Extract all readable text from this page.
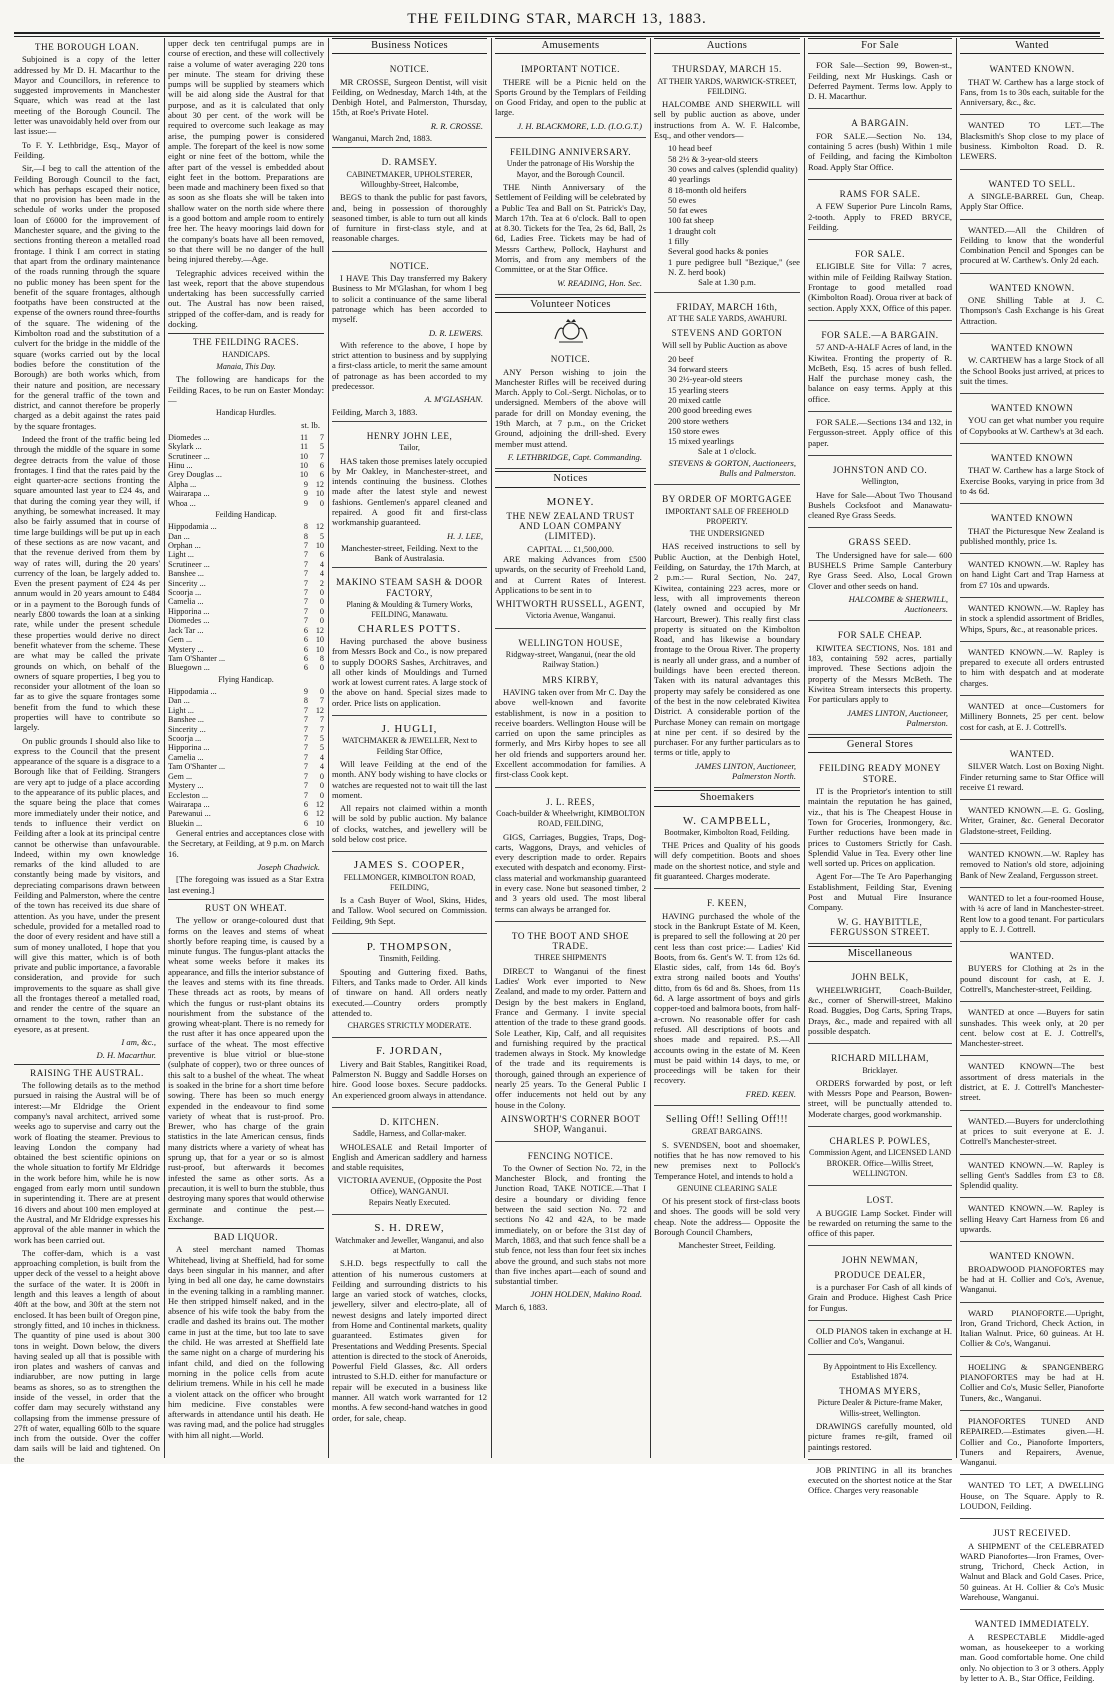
THE FEILDING STAR, MARCH 13, 1883.
THE BOROUGH LOAN.

Subjoined is a copy of the letter addressed by Mr D. H. Macarthur to the Mayor and Councillors, in reference to suggested improvements in Manchester Square, which was read at the last meeting of the Borough Council. The letter was unavoidably held over from our last issue:—

To F. Y. Lethbridge, Esq., Mayor of Feilding.

Sir,—I beg to call the attention of the Feilding Borough Council to the fact, which has perhaps escaped their notice, that no provision has been made in the schedule of works under the proposed loan of £6000 for the improvement of Manchester square, and the giving to the sections fronting thereon a metalled road frontage. I think I am correct in stating that apart from the ordinary maintenance of the roads running through the square no public money has been spent for the benefit of the square frontages, although footpaths have been constructed at the expense of the owners round three-fourths of the square. The widening of the Kimbolton road and the substitution of a culvert for the bridge in the middle of the square (works carried out by the local bodies before the constitution of the Borough) are both works which, from their nature and position, are necessary for the general traffic of the town and district, and cannot therefore be properly charged as a debit against the rates paid by the square frontages.

Indeed the front of the traffic being led through the middle of the square in some degree detracts from the value of those frontages. I find that the rates paid by the eight quarter-acre sections fronting the square amounted last year to £24 4s, and that during the coming year they will, if anything, be somewhat increased. It may also be fairly assumed that in course of time large buildings will be put up in each of these sections as are now vacant, and that the revenue derived from them by way of rates will, during the 20 years' currency of the loan, be largely added to. Even the present payment of £24 4s per annum would in 20 years amount to £484 or in a payment to the Borough funds of nearly £800 towards the loan at a sinking rate, while under the present schedule these properties would derive no direct benefit whatever from the scheme. These are what may be called the private grounds on which, on behalf of the owners of square properties, I beg you to reconsider your allotment of the loan so far as to give the square frontages some benefit from the fund to which these properties will have to contribute so largely.

On public grounds I should also like to express to the Council that the present appearance of the square is a disgrace to a Borough like that of Feilding. Strangers are very apt to judge of a place according to the appearance of its public places, and the square being the place that comes more immediately under their notice, and tends to influence their verdict on Feilding after a look at its principal centre cannot be otherwise than unfavourable. Indeed, within my own knowledge remarks of the kind alluded to are constantly being made by visitors, and depreciating comparisons drawn between Feilding and Palmerston, where the centre of the town has received its due share of attention. As you have, under the present schedule, provided for a metalled road to the door of every resident and have still a sum of money unalloted, I hope that you will give this matter, which is of both private and public importance, a favorable consideration, and provide for such improvements to the square as shall give all the frontages thereof a metalled road, and render the centre of the square an ornament to the town, rather than an eyesore, as at present.

I am, &c.,
D. H. Macarthur.
RAISING THE AUSTRAL.

The following details as to the method pursued in raising the Austral will be of interest:—Mr Eldridge the Orient company's naval architect, arrived some weeks ago to supervise and carry out the work of floating the steamer. Previous to leaving London the company had obtained the best scientific opinions on the whole situation to fortify Mr Eldridge in the work before him, while he is now engaged from early morn until sundown in superintending it. There are at present 16 divers and about 100 men employed at the Austral, and Mr Eldridge expresses his approval of the able manner in which the work has been carried out.

The coffer-dam, which is a vast approaching completion, is built from the upper deck of the vessel to a height above the surface of the water. It is 200ft in length and this leaves a length of about 40ft at the bow, and 30ft at the stern not enclosed. It has been built of Oregon pine, strongly fitted, and 10 inches in thickness. The quantity of pine used is about 300 tons in weight. Down below, the divers having sealed up all that is possible with iron plates and washers of canvas and indiarubber, are now putting in large beams as shores, so as to strengthen the inside of the vessel, in order that the coffer dam may securely withstand any collapsing from the immense pressure of 27ft of water, equalling 60lb to the square inch from the outside. Over the coffer dam sails will be laid and tightened. On the

upper deck ten centrifugal pumps are in course of erection, and these will collectively raise a volume of water averaging 220 tons per minute. The steam for driving these pumps will be supplied by steamers which will be aid along side the Austral for that purpose, and as it is calculated that only about 30 per cent. of the work will be required to overcome such leakage as may arise, the pumping power is considered ample. The forepart of the keel is now some eight or nine feet of the bottom, while the after part of the vessel is embedded about eight feet in the bottom. Preparations are been made and machinery been fixed so that as soon as she floats she will be taken into shallow water on the north side where there is a good bottom and ample room to entirely free her. The heavy moorings laid down for the company's boats have all been removed, so that there will be no danger of the hull being injured thereby.—Age.

Telegraphic advices received within the last week, report that the above stupendous undertaking has been successfully carried out. The Austral has now been raised, stripped of the coffer-dam, and is ready for docking.

THE FEILDING RACES.
HANDICAPS.
Manaia, This Day.

The following are handicaps for the Feilding Races, to be run on Easter Monday:—

Handicap Hurdles.
st. lb.
Diomedes ...	11	7
Skylark ...	11	5
Scrutineer ...	10	7
Hinu ...	10	6
Grey Douglas ...	10	6
Alpha ...	9	12
Wairarapa ...	9	10
Whoa ...	9	0
Feilding Handicap.
Hippodamia ...	8	12
Dan ...	8	5
Orphan ...	7	10
Light ...	7	6
Scrutineer ...	7	4
Banshee ...	7	4
Sincerity ...	7	2
Scoorja ...	7	0
Camelia ...	7	0
Hipporina ...	7	0
Diomedes ...	7	0
Jack Tar ...	6	12
Gem ...	6	10
Mystery ...	6	10
Tam O'Shanter ...	6	8
Bluegown ...	6	0
Flying Handicap.
Hippodamia ...	9	0
Dan ...	8	7
Light ...	7	12
Banshee ...	7	7
Sincerity ...	7	7
Scoorja ...	7	5
Hipporina ...	7	5
Camelia ...	7	4
Tam O'Shanter ...	7	4
Gem ...	7	0
Mystery ...	7	0
Eccleston ...	7	0
Wairarapa ...	6	12
Parewanui ...	6	12
Bluekin ...	6	10

General entries and acceptances close with the Secretary, at Feilding, at 9 p.m. on March 16.

Joseph Chadwick.

[The foregoing was issued as a Star Extra last evening.]

RUST ON WHEAT.

The yellow or orange-coloured dust that forms on the leaves and stems of wheat shortly before reaping time, is caused by a minute fungus. The fungus-plant attacks the wheat some weeks before it makes its appearance, and fills the interior substance of the leaves and stems with its fine threads. These threads act as roots, by means of which the fungus or rust-plant obtains its nourishment from the substance of the growing wheat-plant. There is no remedy for the rust after it has once appeared upon the surface of the wheat. The most effective preventive is blue vitriol or blue-stone (sulphate of copper), two or three ounces of this salt to a bushel of the wheat. The wheat is soaked in the brine for a short time before sowing. There has been so much energy expended in the endeavour to find some variety of wheat that is rust-proof. Pro. Brewer, who has charge of the grain statistics in the late American census, finds many districts where a variety of wheat has sprung up, that for a year or so is almost rust-proof, but afterwards it becomes infested the same as other sorts. As a precaution, it is well to burn the stubble, thus destroying many spores that would otherwise germinate and continue the pest.—Exchange.

BAD LIQUOR.

A steel merchant named Thomas Whitehead, living at Sheffield, had for some days been singular in his manner, and after lying in bed all one day, he came downstairs in the evening talking in a rambling manner. He then stripped himself naked, and in the absence of his wife took the baby from the cradle and dashed its brains out. The mother came in just at the time, but too late to save the child. He was arrested at Sheffield late the same night on a charge of murdering his infant child, and died on the following morning in the police cells from acute delirium tremens. While in his cell he made a violent attack on the officer who brought him medicine. Five constables were afterwards in attendance until his death. He was raving mad, and the police had struggles with him all night.—World.

Business Notices
NOTICE.

MR CROSSE, Surgeon Dentist, will visit Feilding, on Wednesday, March 14th, at the Denbigh Hotel, and Palmerston, Thursday, 15th, at Roe's Private Hotel.

R. R. CROSSE.
Wanganui, March 2nd, 1883.
D. RAMSEY.
CABINETMAKER, UPHOLSTERER, Willoughby-Street, Halcombe,

BEGS to thank the public for past favors, and, being in possession of thoroughly seasoned timber, is able to turn out all kinds of furniture in first-class style, and at reasonable charges.

NOTICE.

I HAVE This Day transferred my Bakery Business to Mr M'Glashan, for whom I beg to solicit a continuance of the same liberal patronage which has been accorded to myself.

D. R. LEWERS.

With reference to the above, I hope by strict attention to business and by supplying a first-class article, to merit the same amount of patronage as has been accorded to my predecessor.

A. M'GLASHAN.
Feilding, March 3, 1883.
HENRY JOHN LEE,
Tailor,

HAS taken those premises lately occupied by Mr Oakley, in Manchester-street, and intends continuing the business. Clothes made after the latest style and newest fashions. Gentlemen's apparel cleaned and repaired. A good fit and first-class workmanship guaranteed.

H. J. LEE,
Manchester-street, Feilding. Next to the Bank of Australasia.
MAKINO STEAM SASH & DOOR FACTORY,
Planing & Moulding & Turnery Works, FEILDING, Manawatu.
CHARLES POTTS.

Having purchased the above business from Messrs Bock and Co., is now prepared to supply DOORS Sashes, Architraves, and all other kinds of Mouldings and Turned work at lowest current rates. A large stock of the above on hand. Special sizes made to order. Price lists on application.

J. HUGLI,
WATCHMAKER & JEWELLER, Next to Feilding Star Office,

Will leave Feilding at the end of the month. ANY body wishing to have clocks or watches are requested not to wait till the last moment.

All repairs not claimed within a month will be sold by public auction. My balance of clocks, watches, and jewellery will be sold below cost price.

JAMES S. COOPER,
FELLMONGER, KIMBOLTON ROAD, FEILDING,

Is a Cash Buyer of Wool, Skins, Hides, and Tallow. Wool secured on Commission. Feilding, 9th Sept.

P. THOMPSON,
Tinsmith, Feilding.

Spouting and Guttering fixed. Baths, Filters, and Tanks made to Order. All kinds of tinware on hand. All orders neatly executed.—Country orders promptly attended to.

CHARGES STRICTLY MODERATE.
F. JORDAN,

Livery and Bait Stables, Rangitikei Road, Palmerston N. Buggy and Saddle Horses on hire. Good loose boxes. Secure paddocks. An experienced groom always in attendance.

D. KITCHEN.
Saddle, Harness, and Collar-maker.

WHOLESALE and Retail Importer of English and American saddlery and harness and stable requisites,

VICTORIA AVENUE, (Opposite the Post Office), WANGANUI.
Repairs Neatly Executed.
S. H. DREW,
Watchmaker and Jeweller, Wanganui, and also at Marton.

S.H.D. begs respectfully to call the attention of his numerous customers at Feilding and surrounding districts to his large an varied stock of watches, clocks, jewellery, silver and electro-plate, all of newest designs and lately imported direct from Home and Continental markets, quality guaranteed. Estimates given for Presentations and Wedding Presents. Special attention is directed to the stock of Aneroids, Powerful Field Glasses, &c. All orders intrusted to S.H.D. either for manufacture or repair will be executed in a business like manner. All watch work warranted for 12 months. A few second-hand watches in good order, for sale, cheap.

Amusements
IMPORTANT NOTICE.

THERE will be a Picnic held on the Sports Ground by the Templars of Feilding on Good Friday, and open to the public at large.

J. H. BLACKMORE, L.D. (I.O.G.T.)
FEILDING ANNIVERSARY.
Under the patronage of His Worship the Mayor, and the Borough Council.

THE Ninth Anniversary of the Settlement of Feilding will be celebrated by a Public Tea and Ball on St. Patrick's Day, March 17th. Tea at 6 o'clock. Ball to open at 8.30. Tickets for the Tea, 2s 6d, Ball, 2s 6d, Ladies Free. Tickets may be had of Messrs Carthew, Pollock, Hayhurst and Morris, and from any members of the Committee, or at the Star Office.

W. READING, Hon. Sec.
Volunteer Notices
NOTICE.

ANY Person wishing to join the Manchester Rifles will be received during March. Apply to Col.-Sergt. Nicholas, or to undersigned. Members of the above will parade for drill on Monday evening, the 19th March, at 7 p.m., on the Cricket Ground, adjoining the drill-shed. Every member must attend.

F. LETHBRIDGE, Capt. Commanding.
Notices
MONEY.
THE NEW ZEALAND TRUST AND LOAN COMPANY (LIMITED).
CAPITAL ... £1,500,000.

ARE making Advances from £500 upwards, on the security of Freehold Land, and at Current Rates of Interest. Applications to be sent in to

WHITWORTH RUSSELL, AGENT,
Victoria Avenue, Wanganui.
WELLINGTON HOUSE,
Ridgway-street, Wanganui, (near the old Railway Station.)
MRS KIRBY,

HAVING taken over from Mr C. Day the above well-known and favorite establishment, is now in a position to receive boarders. Wellington House will be carried on upon the same principles as formerly, and Mrs Kirby hopes to see all her old friends and supporters around her. Excellent accommodation for families. A first-class Cook kept.

J. L. REES,
Coach-builder & Wheelwright, KIMBOLTON ROAD, FEILDING,

GIGS, Carriages, Buggies, Traps, Dog-carts, Waggons, Drays, and vehicles of every description made to order. Repairs executed with despatch and economy. First-class material and workmanship guaranteed in every case. None but seasoned timber, 2 and 3 years old used. The most liberal terms can always be arranged for.

TO THE BOOT AND SHOE TRADE.
THREE SHIPMENTS

DIRECT to Wanganui of the finest Ladies' Work ever imported to New Zealand, and made to my order. Pattern and Design by the best makers in England, France and Germany. I invite special attention of the trade to these grand goods. Sole Leather, Kip, Calf, and all requisites and furnishing required by the practical trademen always in Stock. My knowledge of the trade and its requirements is thorough, gained through an experience of nearly 25 years. To the General Public I offer inducements not held out by any house in the Colony.

AINSWORTH'S CORNER BOOT SHOP, Wanganui.
FENCING NOTICE.

To the Owner of Section No. 72, in the Manchester Block, and fronting the Junction Road, TAKE NOTICE.—That I desire a boundary or dividing fence between the said section No. 72 and sections No 42 and 42A, to be made immediately, on or before the 31st day of March, 1883, and that such fence shall be a stub fence, not less than four feet six inches above the ground, and such stabs not more than five inches apart—each of sound and substantial timber.

JOHN HOLDEN, Makino Road.
March 6, 1883.
Auctions
THURSDAY, MARCH 15.
AT THEIR YARDS, WARWICK-STREET, FEILDING.

HALCOMBE AND SHERWILL will sell by public auction as above, under instructions from A. W. F. Halcombe, Esq., and other vendors—

10 head beef
58 2½ & 3-year-old steers
30 cows and calves (splendid quality)
40 yearlings
8 18-month old heifers
50 ewes
50 fat ewes
100 fat sheep
1 draught colt
1 filly
Several good hacks & ponies
1 pure pedigree bull "Bezique," (see N. Z. herd book)
Sale at 1.30 p.m.
FRIDAY, MARCH 16th,
AT THE SALE YARDS, AWAHURI.
STEVENS AND GORTON

Will sell by Public Auction as above

20 beef
34 forward steers
30 2½-year-old steers
15 yearling steers
20 mixed cattle
200 good breeding ewes
200 store wethers
150 store ewes
15 mixed yearlings
Sale at 1 o'clock.
STEVENS & GORTON, Auctioneers, Bulls and Palmerston.
BY ORDER OF MORTGAGEE
IMPORTANT SALE OF FREEHOLD PROPERTY.
THE UNDERSIGNED

HAS received instructions to sell by Public Auction, at the Denbigh Hotel, Feilding, on Saturday, the 17th March, at 2 p.m.:— Rural Section, No. 247, Kiwitea, containing 223 acres, more or less, with all improvements thereon (lately owned and occupied by Mr Harcourt, Brewer). This really first class property is situated on the Kimbolton Road, and has likewise a boundary frontage to the Oroua River. The property is nearly all under grass, and a number of buildings have been erected thereon. Taken with its natural advantages this property may safely be considered as one of the best in the now celebrated Kiwitea District. A considerable portion of the Purchase Money can remain on mortgage at nine per cent. if so desired by the purchaser. For any further particulars as to terms or title, apply to

JAMES LINTON, Auctioneer, Palmerston North.
Shoemakers
W. CAMPBELL,
Bootmaker, Kimbolton Road, Feilding.

THE Prices and Quality of his goods will defy competition. Boots and shoes made on the shortest notice, and style and fit guaranteed. Charges moderate.

F. KEEN,

HAVING purchased the whole of the stock in the Bankrupt Estate of M. Keen, is prepared to sell the following at 20 per cent less than cost price:— Ladies' Kid Boots, from 6s. Gent's W. T. from 12s 6d. Elastic sides, calf, from 14s 6d. Boy's extra strong nailed boots and Youths' ditto, from 6s 6d and 8s. Shoes, from 11s 6d. A large assortment of boys and girls copper-toed and balmora boots, from half-a-crown. No reasonable offer for cash refused. All descriptions of boots and shoes made and repaired. P.S.—All accounts owing in the estate of M. Keen must be paid within 14 days, to me, or proceedings will be taken for their recovery.

FRED. KEEN.
Selling Off!! Selling Off!!!
GREAT BARGAINS.

S. SVENDSEN, boot and shoemaker, notifies that he has now removed to his new premises next to Pollock's Temperance Hotel, and intends to hold a

GENUINE CLEARING SALE

Of his present stock of first-class boots and shoes. The goods will be sold very cheap. Note the address— Opposite the Borough Council Chambers,

Manchester Street, Feilding.
For Sale

FOR Sale—Section 99, Bowen-st., Feilding, next Mr Huskings. Cash or Deferred Payment. Terms low. Apply to D. H. Macarthur.

A BARGAIN.

FOR SALE.—Section No. 134, containing 5 acres (bush) Within 1 mile of Feilding, and facing the Kimbolton Road. Apply Star Office.

RAMS FOR SALE.

A FEW Superior Pure Lincoln Rams, 2-tooth. Apply to FRED BRYCE, Feilding.

FOR SALE.

ELIGIBLE Site for Villa: 7 acres, within mile of Feilding Railway Station. Frontage to good metalled road (Kimbolton Road). Oroua river at back of section. Apply XXX, Office of this paper.

FOR SALE.—A BARGAIN.

57 AND-A-HALF Acres of land, in the Kiwitea. Fronting the property of R. McBeth, Esq. 15 acres of bush felled. Half the purchase money cash, the balance on easy terms. Apply at this office.

FOR SALE.—Sections 134 and 132, in Fergusson-street. Apply office of this paper.

JOHNSTON AND CO.
Wellington,

Have for Sale—About Two Thousand Bushels Cocksfoot and Manawatu-cleaned Rye Grass Seeds.

GRASS SEED.

The Undersigned have for sale— 600 BUSHELS Prime Sample Canterbury Rye Grass Seed. Also, Local Grown Clover and other seeds on hand.

HALCOMBE & SHERWILL, Auctioneers.
FOR SALE CHEAP.

KIWITEA SECTIONS, Nos. 181 and 183, containing 592 acres, partially improved. These Sections adjoin the property of the Messrs McBeth. The Kiwitea Stream intersects this property. For particulars apply to

JAMES LINTON, Auctioneer, Palmerston.
General Stores
FEILDING READY MONEY STORE.

IT is the Proprietor's intention to still maintain the reputation he has gained, viz., that his is The Cheapest House in Town for Groceries, Ironmongery, &c. Further reductions have been made in prices to Customers Strictly for Cash. Splendid Value in Tea. Every other line well sorted up. Prices on application.

Agent For—The Te Aro Paperhanging Establishment, Feilding Star, Evening Post and Mutual Fire Insurance Company.

W. G. HAYBITTLE, FERGUSSON STREET.
Miscellaneous
JOHN BELK,

WHEELWRIGHT, Coach-Builder, &c., corner of Sherwill-street, Makino Road. Buggies, Dog Carts, Spring Traps, Drays, &c., made and repaired with all possible despatch.

RICHARD MILLHAM,
Bricklayer.

ORDERS forwarded by post, or left with Messrs Pope and Pearson, Bowen-street, will be punctually attended to. Moderate charges, good workmanship.

CHARLES P. POWLES,
Commission Agent, and LICENSED LAND BROKER. Office—Willis Street, WELLINGTON.
LOST.

A BUGGIE Lamp Socket. Finder will be rewarded on returning the same to the office of this paper.

JOHN NEWMAN,
PRODUCE DEALER,

is a purchaser For Cash of all kinds of Grain and Produce. Highest Cash Price for Fungus.

OLD PIANOS taken in exchange at H. Collier and Co's, Wanganui.

By Appointment to His Excellency. Established 1874.
THOMAS MYERS,
Picture Dealer & Picture-frame Maker, Willis-street, Wellington.

DRAWINGS carefully mounted, old picture frames re-gilt, framed oil paintings restored.

JOB PRINTING in all its branches executed on the shortest notice at the Star Office. Charges very reasonable

Wanted
WANTED KNOWN.

THAT W. Carthew has a large stock of Fans, from 1s to 30s each, suitable for the Anniversary, &c., &c.

WANTED TO LET.—The Blacksmith's Shop close to my place of business. Kimbolton Road. D. R. LEWERS.

WANTED TO SELL.

A SINGLE-BARREL Gun, Cheap. Apply Star Office.

WANTED.—All the Children of Feilding to know that the wonderful Combination Pencil and Sponges can be procured at W. Carthew's. Only 2d each.

WANTED KNOWN.

ONE Shilling Table at J. C. Thompson's Cash Exchange is his Great Attraction.

WANTED KNOWN

W. CARTHEW has a large Stock of all the School Books just arrived, at prices to suit the times.

WANTED KNOWN

YOU can get what number you require of Copybooks at W. Carthew's at 3d each.

WANTED KNOWN

THAT W. Carthew has a large Stock of Exercise Books, varying in price from 3d to 4s 6d.

WANTED KNOWN

THAT the Picturesque New Zealand is published monthly, price 1s.

WANTED KNOWN.—W. Rapley has on hand Light Cart and Trap Harness at from £7 10s and upwards.

WANTED KNOWN.—W. Rapley has in stock a splendid assortment of Bridles, Whips, Spurs, &c., at reasonable prices.

WANTED KNOWN.—W. Rapley is prepared to execute all orders entrusted to him with despatch and at moderate charges.

WANTED at once—Customers for Millinery Bonnets, 25 per cent. below cost for cash, at E. J. Cottrell's.

WANTED.

SILVER Watch. Lost on Boxing Night. Finder returning same to Star Office will receive £1 reward.

WANTED KNOWN.—E. G. Gosling, Writer, Grainer, &c. General Decorator Gladstone-street, Feilding.

WANTED KNOWN.—W. Rapley has removed to Nation's old store, adjoining Bank of New Zealand, Fergusson street.

WANTED to let a four-roomed House, with ¼ acre of land in Manchester-street. Rent low to a good tenant. For particulars apply to E. J. Cottrell.

WANTED.

BUYERS for Clothing at 2s in the pound discount for cash, at E. J. Cottrell's, Manchester-street, Feilding.

WANTED at once —Buyers for satin sunshades. This week only, at 20 per cent. below cost at E. J. Cottrell's, Manchester-street.

WANTED KNOWN—The best assortment of dress materials in the district, at E. J. Cottrell's Manchester-street.

WANTED.—Buyers for underclothing at prices to suit everyone at E. J. Cottrell's Manchester-street.

WANTED KNOWN.—W. Rapley is selling Gent's Saddles from £3 to £8. Splendid quality.

WANTED KNOWN.—W. Rapley is selling Heavy Cart Harness from £6 and upwards.

WANTED KNOWN.

BROADWOOD PIANOFORTES may be had at H. Collier and Co's, Avenue, Wanganui.

WARD PIANOFORTE.—Upright, Iron, Grand Trichord, Check Action, in Italian Walnut. Price, 60 guineas. At H. Collier & Co's, Wanganui.

HOELING & SPANGENBERG PIANOFORTES may be had at H. Collier and Co's, Music Seller, Pianoforte Tuners, &c., Wanganui.

PIANOFORTES TUNED AND REPAIRED.—Estimates given.—H. Collier and Co., Pianoforte Importers, Tuners and Repairers, Avenue, Wanganui.

WANTED TO LET, A DWELLING House, on The Square. Apply to R. LOUDON, Feilding.

JUST RECEIVED.

A SHIPMENT of the CELEBRATED WARD Pianofortes—Iron Frames, Over-strung, Trichord, Check Action, in Walnut and Black and Gold Cases. Price, 50 guineas. At H. Collier & Co's Music Warehouse, Wanganui.

WANTED IMMEDIATELY.

A RESPECTABLE Middle-aged woman, as housekeeper to a working man. Good comfortable home. One child only. No objection to 3 or 3 others. Apply by letter to A. B., Star Office, Feilding.
